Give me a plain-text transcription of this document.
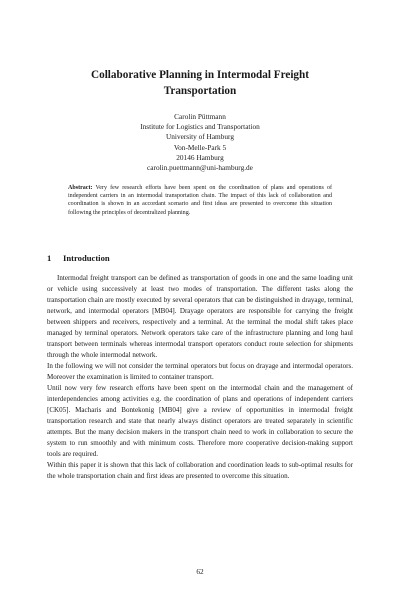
Collaborative Planning in Intermodal Freight Transportation
Carolin Püttmann
Institute for Logistics and Transportation
University of Hamburg
Von-Melle-Park 5
20146 Hamburg
carolin.puettmann@uni-hamburg.de
Abstract: Very few research efforts have been spent on the coordination of plans and operations of independent carriers in an intermodal transportation chain. The impact of this lack of collaboration and coordination is shown in an accordant scenario and first ideas are presented to overcome this situation following the principles of decentralized planning.
1 Introduction

Intermodal freight transport can be defined as transportation of goods in one and the same loading unit or vehicle using successively at least two modes of transportation. The different tasks along the transportation chain are mostly executed by several operators that can be distinguished in drayage, terminal, network, and intermodal operators [MB04]. Drayage operators are responsible for carrying the freight between shippers and receivers, respectively and a terminal. At the terminal the modal shift takes place managed by terminal operators. Network operators take care of the infrastructure planning and long haul transport between terminals whereas intermodal transport operators conduct route selection for shipments through the whole intermodal network.

In the following we will not consider the terminal operators but focus on drayage and intermodal operators. Moreover the examination is limited to container transport.

Until now very few research efforts have been spent on the intermodal chain and the management of interdependencies among activities e.g. the coordination of plans and operations of independent carriers [CK05]. Macharis and Bontekonig [MB04] give a review of opportunities in intermodal freight transportation research and state that nearly always distinct operators are treated separately in scientific attempts. But the many decision makers in the transport chain need to work in collaboration to secure the system to run smoothly and with minimum costs. Therefore more cooperative decision-making support tools are required.

Within this paper it is shown that this lack of collaboration and coordination leads to sub-optimal results for the whole transportation chain and first ideas are presented to overcome this situation.

62
